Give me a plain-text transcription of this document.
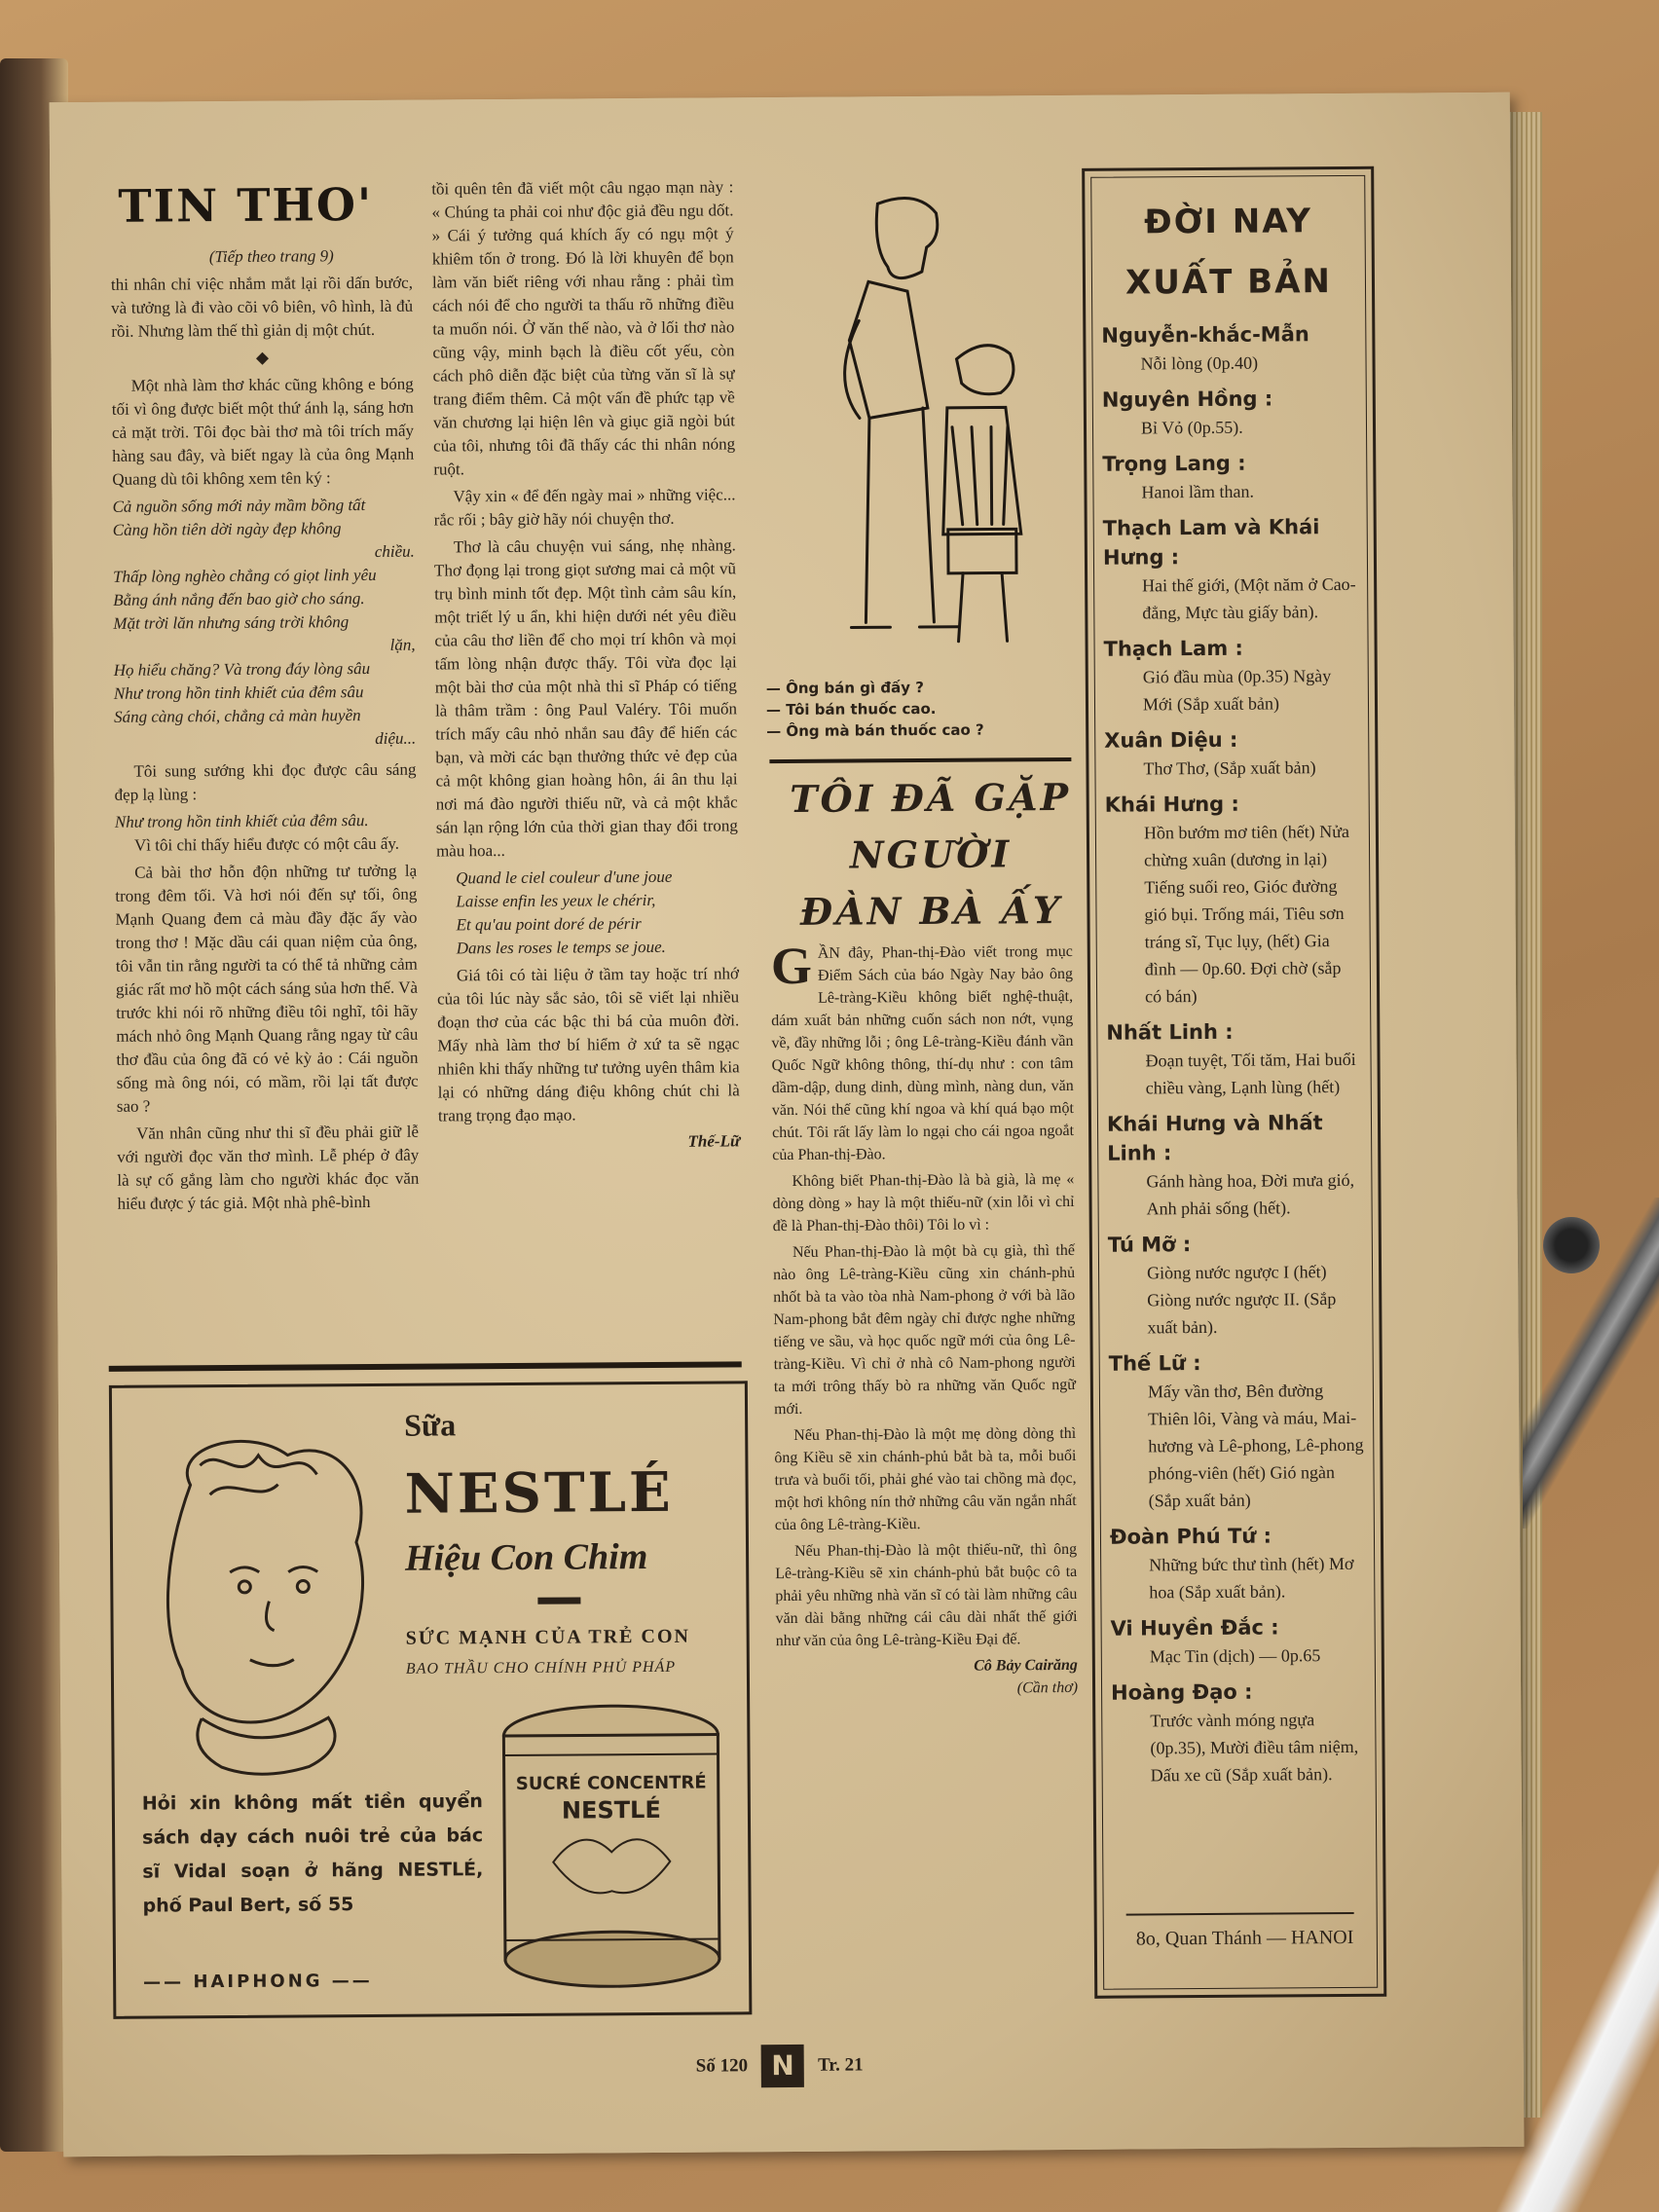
TIN THO'

(Tiếp theo trang 9)

thi nhân chỉ việc nhắm mắt lại rồi dấn bước, và tưởng là đi vào cõi vô biên, vô hình, là đủ rồi. Nhưng làm thế thì giản dị một chút.

◆

Một nhà làm thơ khác cũng không e bóng tối vì ông được biết một thứ ánh lạ, sáng hơn cả mặt trời. Tôi đọc bài thơ mà tôi trích mấy hàng sau đây, và biết ngay là của ông Mạnh Quang dù tôi không xem tên ký :

Cả nguồn sống mới nảy mầm bồng tất

Càng hồn tiên dời ngày đẹp không

chiều.

Thấp lòng nghèo chẳng có giọt linh yêu

Bằng ánh nắng đến bao giờ cho sáng.

Mặt trời lăn nhưng sáng trời không

lặn,

Họ hiểu chăng? Và trong đáy lòng sâu

Như trong hồn tinh khiết của đêm sâu

Sáng càng chói, chẳng cả màn huyền

diệu...

Tôi sung sướng khi đọc được câu sáng đẹp lạ lùng :

Như trong hồn tinh khiết của đêm sâu.

Vì tôi chỉ thấy hiểu được có một câu ấy.

Cả bài thơ hỗn độn những tư tưởng lạ trong đêm tối. Và hơi nói đến sự tối, ông Mạnh Quang đem cả màu đầy đặc ấy vào trong thơ ! Mặc dầu cái quan niệm của ông, tôi vẫn tin rằng người ta có thể tả những cảm giác rất mơ hồ một cách sáng sủa hơn thế. Và trước khi nói rõ những điều tôi nghĩ, tôi hãy mách nhỏ ông Mạnh Quang rằng ngay từ câu thơ đầu của ông đã có vẻ kỳ ảo : Cái nguồn sống mà ông nói, có mầm, rồi lại tất được sao ?

Văn nhân cũng như thi sĩ đều phải giữ lễ với người đọc văn thơ mình. Lễ phép ở đây là sự cố gắng làm cho người khác đọc văn hiểu được ý tác giả. Một nhà phê-bình

tồi quên tên đã viết một câu ngạo mạn này : « Chúng ta phải coi như độc giả đều ngu dốt. » Cái ý tưởng quá khích ấy có ngụ một ý khiêm tốn ở trong. Đó là lời khuyên để bọn làm văn biết riêng với nhau rằng : phải tìm cách nói để cho người ta thấu rõ những điều ta muốn nói. Ở văn thế nào, và ở lối thơ nào cũng vậy, minh bạch là điều cốt yếu, còn cách phô diễn đặc biệt của từng văn sĩ là sự trang điểm thêm. Cả một vấn đề phức tạp về văn chương lại hiện lên và giục giã ngòi bút của tôi, nhưng tôi đã thấy các thi nhân nóng ruột.

Vậy xin « để đến ngày mai » những việc... rắc rối ; bây giờ hãy nói chuyện thơ.

Thơ là câu chuyện vui sáng, nhẹ nhàng. Thơ đọng lại trong giọt sương mai cả một vũ trụ bình minh tốt đẹp. Một tình cảm sâu kín, một triết lý u ẩn, khi hiện dưới nét yêu điều của câu thơ liền để cho mọi trí khôn và mọi tấm lòng nhận được thấy. Tôi vừa đọc lại một bài thơ của một nhà thi sĩ Pháp có tiếng là thâm trầm : ông Paul Valéry. Tôi muốn trích mấy câu nhỏ nhắn sau đây để hiến các bạn, và mời các bạn thưởng thức vẻ đẹp của cả một không gian hoàng hôn, ái ân thu lại nơi má đào người thiếu nữ, và cả một khắc sán lạn rộng lớn của thời gian thay đổi trong màu hoa...

Quand le ciel couleur d'une joue

Laisse enfin les yeux le chérir,

Et qu'au point doré de périr

Dans les roses le temps se joue.

Giá tôi có tài liệu ở tầm tay hoặc trí nhớ của tôi lúc này sắc sảo, tôi sẽ viết lại nhiều đoạn thơ của các bậc thi bá của muôn đời. Mấy nhà làm thơ bí hiểm ở xứ ta sẽ ngạc nhiên khi thấy những tư tưởng uyên thâm kia lại có những dáng điệu không chút chi là trang trọng đạo mạo.

Thế-Lữ
Sữa
NESTLÉ
Hiệu Con Chim
SỨC MẠNH CỦA TRẺ CON
BAO THẦU CHO CHÍNH PHỦ PHÁP
SUCRÉ CONCENTRÉ
NESTLÉ
Hỏi xin không mất tiền quyển sách dạy cách nuôi trẻ của bác sĩ Vidal soạn ở hãng NESTLÉ, phố Paul Bert, số 55
—— HAIPHONG ——
— Ông bán gì đấy ?
— Tôi bán thuốc cao.
— Ông mà bán thuốc cao ?
TÔI ĐÃ GẶP
NGƯỜI
ĐÀN BÀ ẤY

GẦN đây, Phan-thị-Đào viết trong mục Điểm Sách của báo Ngày Nay bảo ông Lê-tràng-Kiều không biết nghệ-thuật, dám xuất bản những cuốn sách non nớt, vụng về, đầy những lỗi ; ông Lê-tràng-Kiều đánh vần Quốc Ngữ không thông, thí-dụ như : con tâm dầm-dập, dung dinh, dùng mình, nàng dun, văn văn. Nói thế cũng khí ngoa và khí quá bạo một chút. Tôi rất lấy làm lo ngại cho cái ngoa ngoắt của Phan-thị-Đào.

Không biết Phan-thị-Đào là bà già, là mẹ « dòng dòng » hay là một thiếu-nữ (xin lỗi vì chỉ đề là Phan-thị-Đào thôi) Tôi lo vì :

Nếu Phan-thị-Đào là một bà cụ già, thì thế nào ông Lê-tràng-Kiều cũng xin chánh-phủ nhốt bà ta vào tòa nhà Nam-phong ở với bà lão Nam-phong bắt đêm ngày chỉ được nghe những tiếng ve sầu, và học quốc ngữ mới của ông Lê-tràng-Kiều. Vì chỉ ở nhà cô Nam-phong người ta mới trông thấy bò ra những văn Quốc ngữ mới.

Nếu Phan-thị-Đào là một mẹ dòng dòng thì ông Kiều sẽ xin chánh-phủ bắt bà ta, mỗi buổi trưa và buổi tối, phải ghé vào tai chồng mà đọc, một hơi không nín thở những câu văn ngắn nhất của ông Lê-tràng-Kiều.

Nếu Phan-thị-Đào là một thiếu-nữ, thì ông Lê-tràng-Kiều sẽ xin chánh-phủ bắt buộc cô ta phải yêu những nhà văn sĩ có tài làm những câu văn dài bằng những cái câu dài nhất thế giới như văn của ông Lê-tràng-Kiều Đại đế.

Cô Bảy Cairăng
(Cần thơ)
ĐỜI NAY
XUẤT BẢN
Nguyễn-khắc-Mẫn
Nỗi lòng (0p.40)
Nguyên Hồng :
Bỉ Vỏ (0p.55).
Trọng Lang :
Hanoi lầm than.
Thạch Lam và Khái Hưng :
Hai thế giới, (Một năm ở Cao-đẳng, Mực tàu giấy bản).
Thạch Lam :
Gió đầu mùa (0p.35) Ngày Mới (Sắp xuất bản)
Xuân Diệu :
Thơ Thơ, (Sắp xuất bản)
Khái Hưng :
Hồn bướm mơ tiên (hết) Nửa chừng xuân (dương in lại) Tiếng suối reo, Gióc đường gió bụi. Trống mái, Tiêu sơn tráng sĩ, Tục lụy, (hết) Gia đình — 0p.60. Đợi chờ (sắp có bán)
Nhất Linh :
Đoạn tuyệt, Tối tăm, Hai buổi chiều vàng, Lạnh lùng (hết)
Khái Hưng và Nhất Linh :
Gánh hàng hoa, Đời mưa gió, Anh phải sống (hết).
Tú Mỡ :
Giòng nước ngược I (hết) Giòng nước ngược II. (Sắp xuất bản).
Thế Lữ :
Mấy vần thơ, Bên đường Thiên lôi, Vàng và máu, Mai-hương và Lê-phong, Lê-phong phóng-viên (hết) Gió ngàn (Sắp xuất bản)
Đoàn Phú Tứ :
Những bức thư tình (hết) Mơ hoa (Sắp xuất bản).
Vi Huyền Đắc :
Mạc Tin (dịch) — 0p.65
Hoàng Đạo :
Trước vành móng ngựa (0p.35), Mười điều tâm niệm, Dấu xe cũ (Sắp xuất bản).
8o, Quan Thánh — HANOI
Số 120 N	Tr. 21
